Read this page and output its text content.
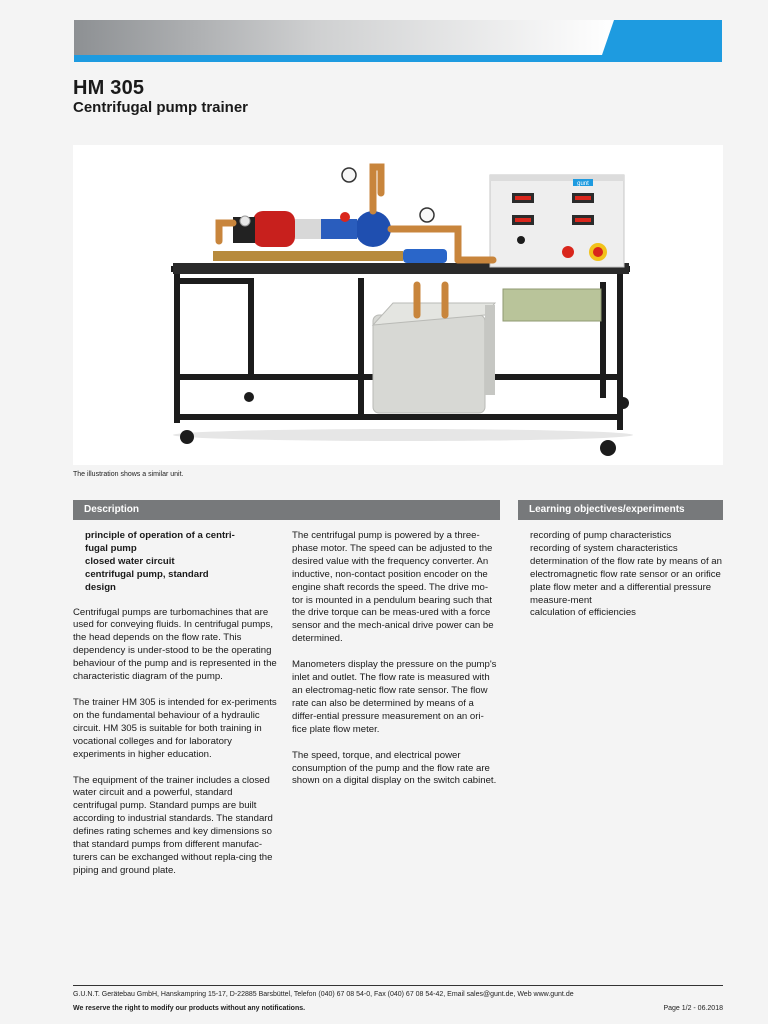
HM 305
Centrifugal pump trainer
gunt
The illustration shows a similar unit.
Description	Learning objectives/experiments
principle of operation of a centri-
fugal pump
closed water circuit
centrifugal pump, standard
design

Centrifugal pumps are turbomachines that are used for conveying fluids. In centrifugal pumps, the head depends on the flow rate. This dependency is under-stood to be the operating behaviour of the pump and is represented in the characteristic diagram of the pump.

The trainer HM 305 is intended for ex-periments on the fundamental behaviour of a hydraulic circuit. HM 305 is suitable for both training in vocational colleges and for laboratory experiments in higher education.

The equipment of the trainer includes a closed water circuit and a powerful, standard centrifugal pump. Standard pumps are built according to industrial standards. The standard defines rating schemes and key dimensions so that standard pumps from different manufac-turers can be exchanged without repla-cing the piping and ground plate.

The centrifugal pump is powered by a three-phase motor. The speed can be adjusted to the desired value with the frequency converter. An inductive, non-contact position encoder on the engine shaft records the speed. The drive mo-tor is mounted in a pendulum bearing such that the drive torque can be meas-ured with a force sensor and the mech-anical drive power can be determined.

Manometers display the pressure on the pump's inlet and outlet. The flow rate is measured with an electromag-netic flow rate sensor. The flow rate can also be determined by means of a differ-ential pressure measurement on an ori-fice plate flow meter.

The speed, torque, and electrical power consumption of the pump and the flow rate are shown on a digital display on the switch cabinet.

recording of pump characteristics
recording of system characteristics
determination of the flow rate by means of an electromagnetic flow rate sensor or an orifice plate flow meter and a differential pressure measure-ment
calculation of efficiencies
G.U.N.T. Gerätebau GmbH, Hanskampring 15-17, D-22885 Barsbüttel, Telefon (040) 67 08 54-0, Fax (040) 67 08 54-42, Email sales@gunt.de, Web www.gunt.de
We reserve the right to modify our products without any notifications.	Page 1/2 - 06.2018
